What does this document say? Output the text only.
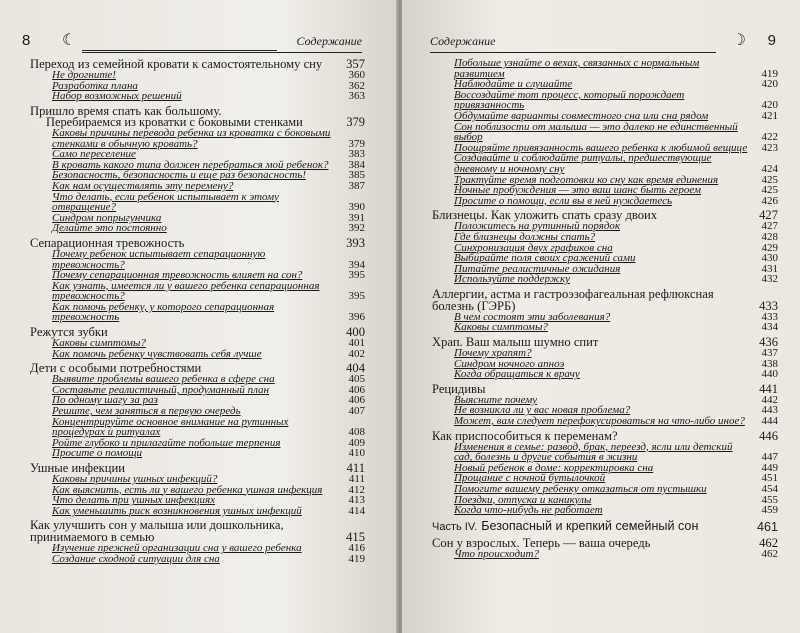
8 ☾	Содержание
Переход из семейной кровати к самостоятельному сну	357
Не дрогните!	360
Разработка плана	362
Набор возможных решений	363
Пришло время спать как большому.
Перебираемся из кроватки с боковыми стенками	379
Каковы причины перевода ребенка из кроватки с боковыми стенками в обычную кровать?	379
Само переселение	383
В кровать какого типа должен перебраться мой ребенок?	384
Безопасность, безопасность и еще раз безопасность!	385
Как нам осуществлять эту перемену?	387
Что делать, если ребенок испытывает к этому отвращение?	390
Синдром попрыгунчика	391
Делайте это постоянно	392
Сепарационная тревожность	393
Почему ребенок испытывает сепарационную тревожность?	394
Почему сепарационная тревожность влияет на сон?	395
Как узнать, имеется ли у вашего ребенка сепарационная тревожность?	395
Как помочь ребенку, у которого сепарационная тревожность	396
Режутся зубки	400
Каковы симптомы?	401
Как помочь ребенку чувствовать себя лучше	402
Дети с особыми потребностями	404
Выявите проблемы вашего ребенка в сфере сна	405
Составьте реалистичный, продуманный план	406
По одному шагу за раз	406
Решите, чем заняться в первую очередь	407
Концентрируйте основное внимание на рутинных процедурах и ритуалах	408
Ройте глубоко и прилагайте побольше терпения	409
Просите о помощи	410
Ушные инфекции	411
Каковы причины ушных инфекций?	411
Как выяснить, есть ли у вашего ребенка ушная инфекция	412
Что делать при ушных инфекциях	413
Как уменьшить риск возникновения ушных инфекций	414
Как улучшить сон у малыша или дошкольника, принимаемого в семью	415
Изучение прежней организации сна у вашего ребенка	416
Создание сходной ситуации для сна	419
Содержание	☽ 9
Побольше узнайте о вехах, связанных с нормальным развитием	419
Наблюдайте и слушайте	420
Воссоздайте тот процесс, который порождает привязанность	420
Обдумайте варианты совместного сна или сна рядом	421
Сон поблизости от малыша — это далеко не единственный выбор	422
Поощряйте привязанность вашего ребенка к любимой вещице	423
Создавайте и соблюдайте ритуалы, предшествующие дневному и ночному сну	424
Трактуйте время подготовки ко сну как время единения	425
Ночные пробуждения — это ваш шанс быть героем	425
Просите о помощи, если вы в ней нуждаетесь	426
Близнецы. Как уложить спать сразу двоих	427
Положитесь на рутинный порядок	427
Где близнецы должны спать?	428
Синхронизация двух графиков сна	429
Выбирайте поля своих сражений сами	430
Питайте реалистичные ожидания	431
Используйте поддержку	432
Аллергии, астма и гастроэзофагеальная рефлюксная болезнь (ГЭРБ)	433
В чем состоят эти заболевания?	433
Каковы симптомы?	434
Храп. Ваш малыш шумно спит	436
Почему храпят?	437
Синдром ночного апноэ	438
Когда обращаться к врачу	440
Рецидивы	441
Выясните почему	442
Не возникла ли у вас новая проблема?	443
Может, вам следует перефокусироваться на что-либо иное?	444
Как приспособиться к переменам?	446
Изменения в семье: развод, брак, переезд, ясли или детский сад, болезнь и другие события в жизни	447
Новый ребенок в доме: корректировка сна	449
Прощание с ночной бутылочкой	451
Помогите вашему ребенку отказаться от пустышки	454
Поездки, отпуска и каникулы	455
Когда что-нибудь не работает	459
Часть IV. Безопасный и крепкий семейный сон	461
Сон у взрослых. Теперь — ваша очередь	462
Что происходит?	462
